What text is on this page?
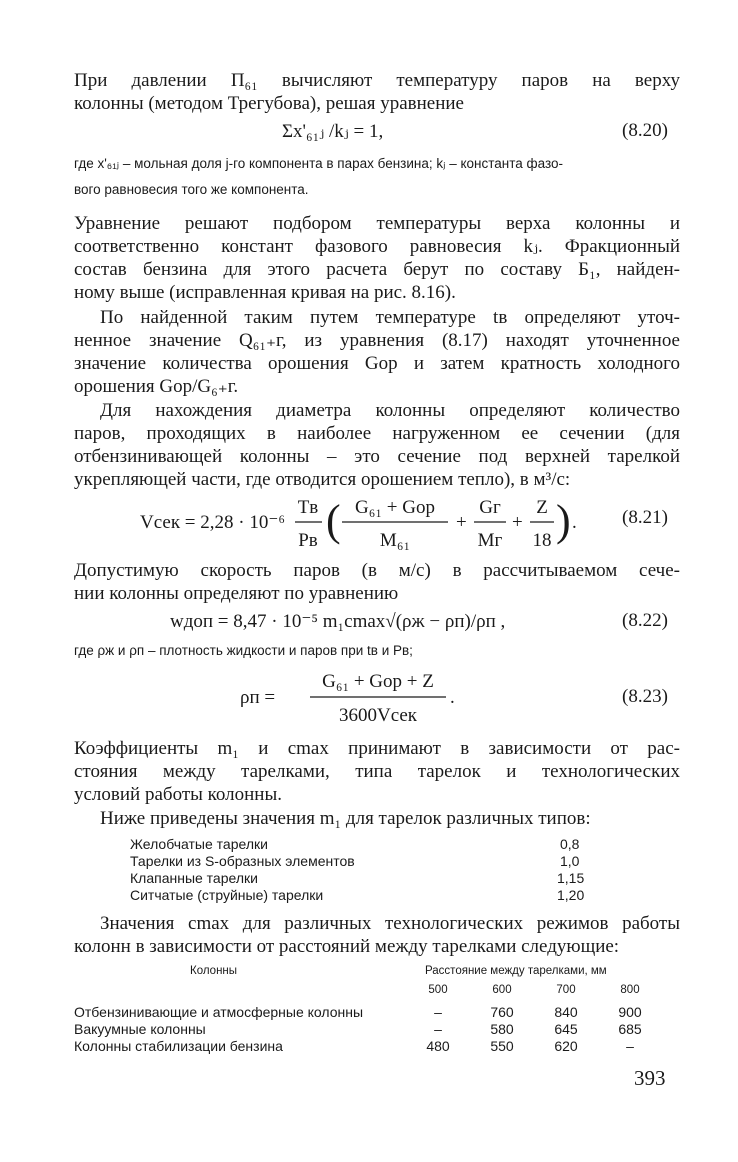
При давлении П₆₁ вычисляют температуру паров на верху
колонны (методом Трегубова), решая уравнение
Σx'₆₁ⱼ /kⱼ = 1,	(8.20)
где x'₆₁ⱼ – мольная доля j-го компонента в парах бензина; kⱼ – константа фазо-
вого равновесия того же компонента.
Уравнение решают подбором температуры верха колонны и
соответственно констант фазового равновесия kⱼ. Фракционный
состав бензина для этого расчета берут по составу Б₁, найден-
ному выше (исправленная кривая на рис. 8.16).
По найденной таким путем температуре tв определяют уточ-
ненное значение Q₆₁₊г, из уравнения (8.17) находят уточненное
значение количества орошения Gор и затем кратность холодного
орошения Gор/G₆₊г.
Для нахождения диаметра колонны определяют количество
паров, проходящих в наиболее нагруженном ее сечении (для
отбензинивающей колонны – это сечение под верхней тарелкой
укрепляющей части, где отводится орошением тепло), в м³/с:
Vсек = 2,28 · 10⁻⁶
Tв
Pв ( G₆₁ + Gор
M₆₁
+
Gг
Mг
+
Z
18 ) . (8.21)
Допустимую скорость паров (в м/с) в рассчитываемом сече-
нии колонны определяют по уравнению
wдоп = 8,47 · 10⁻⁵ m₁cmax√(ρж − ρп)/ρп ,	(8.22)
где ρж и ρп – плотность жидкости и паров при tв и Pв;
ρп =
G₆₁ + Gор + Z
3600Vсек
.	(8.23)
Коэффициенты m₁ и cmax принимают в зависимости от рас-
стояния между тарелками, типа тарелок и технологических
условий работы колонны.
Ниже приведены значения m₁ для тарелок различных типов:
Желобчатые тарелки	0,8
Тарелки из S-образных элементов	1,0
Клапанные тарелки	1,15
Ситчатые (струйные) тарелки	1,20
Значения cmax для различных технологических режимов работы
колонн в зависимости от расстояний между тарелками следующие:
Колонны	Расстояние между тарелками, мм
500	600	700	800
Отбензинивающие и атмосферные колонны	–	760	840	900
Вакуумные колонны	–	580	645	685
Колонны стабилизации бензина	480	550	620	–
393
